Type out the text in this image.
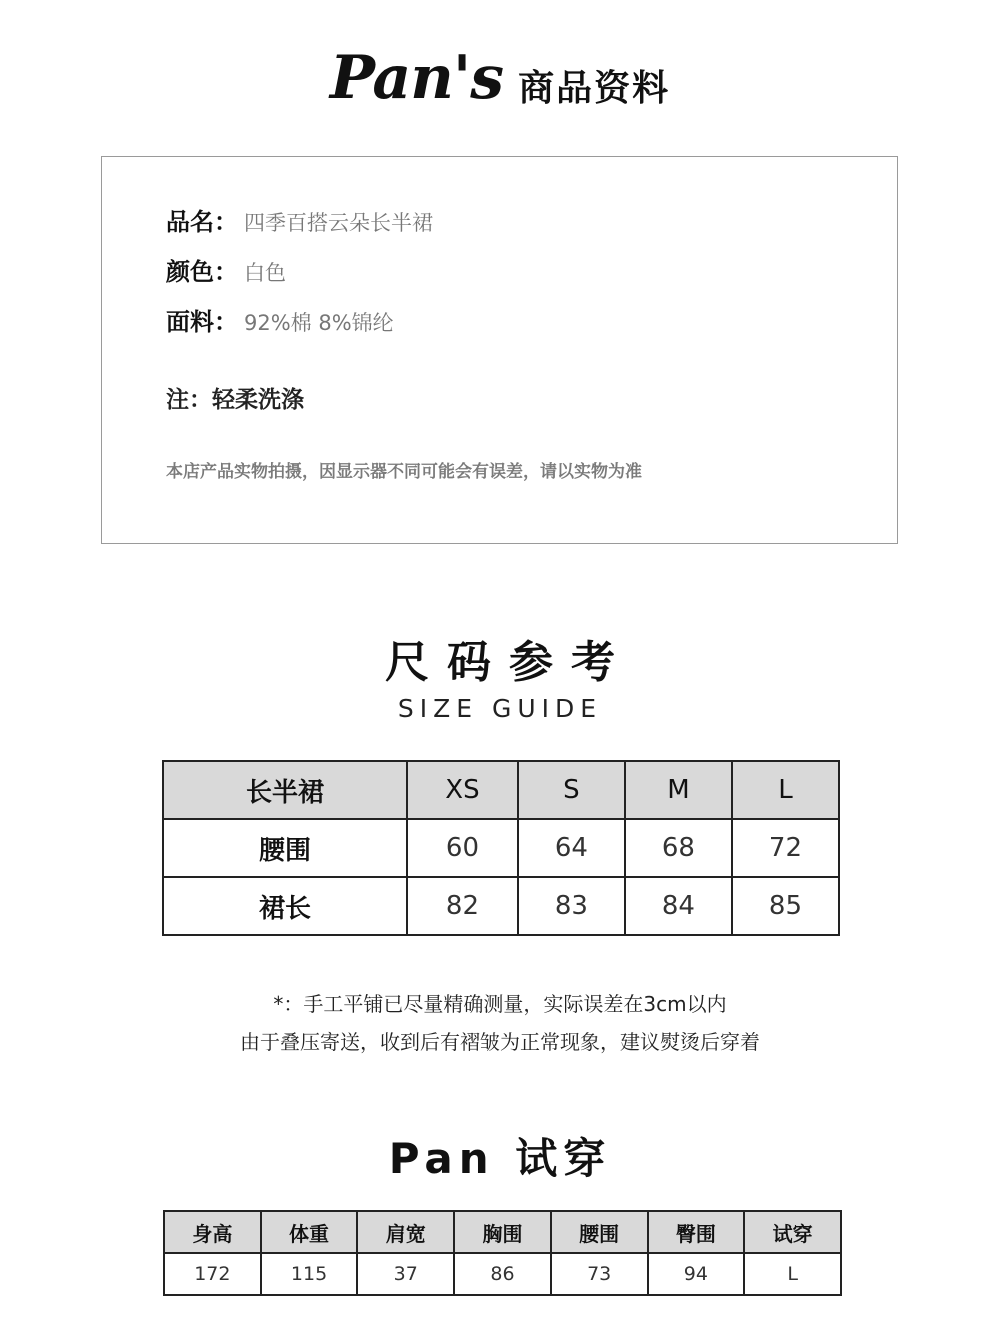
Pan's 商品资料
品名： 四季百搭云朵长半裙
颜色： 白色
面料： 92%棉 8%锦纶
注：轻柔洗涤
本店产品实物拍摄，因显示器不同可能会有误差，请以实物为准
尺码参考
SIZE GUIDE
长半裙	XS	S	M	L
腰围	60	64	68	72
裙长	82	83	84	85
*：手工平铺已尽量精确测量，实际误差在3cm以内
由于叠压寄送，收到后有褶皱为正常现象，建议熨烫后穿着
Pan 试穿
身高	体重	肩宽	胸围	腰围	臀围	试穿
172	115	37	86	73	94	L
